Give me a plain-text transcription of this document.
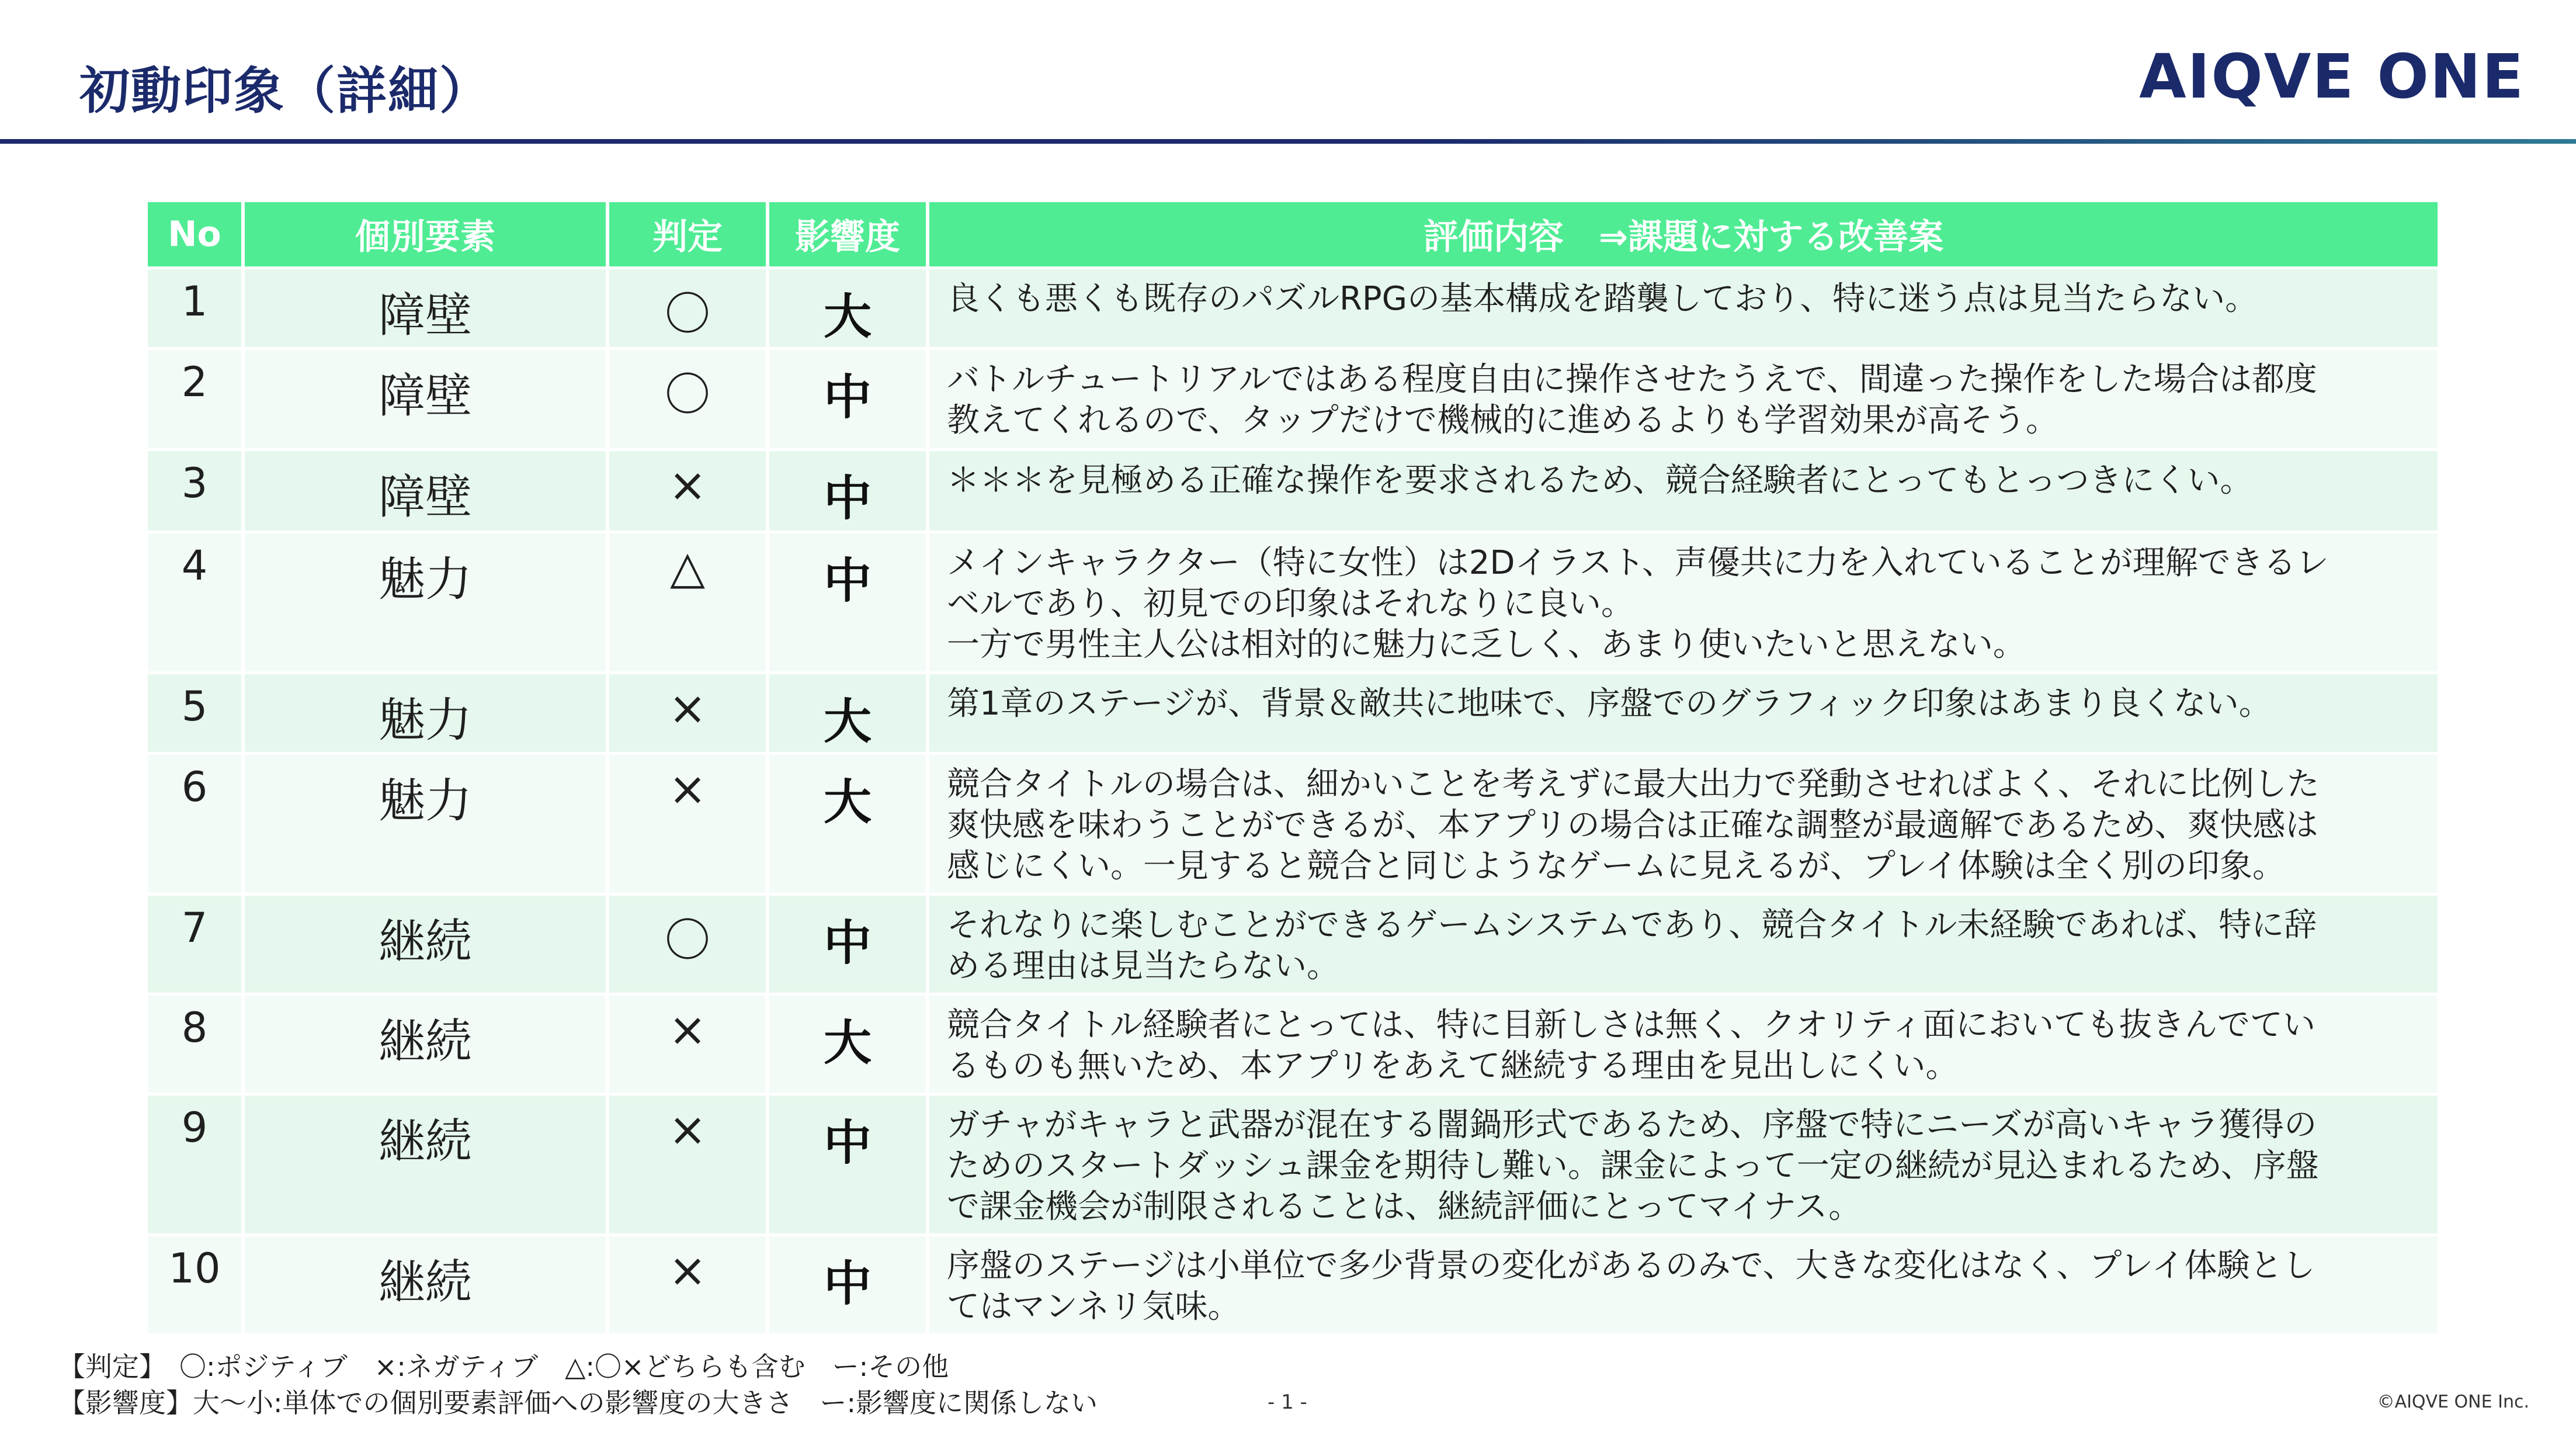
初動印象（詳細）	AIQVE ONE
No	個別要素	判定	影響度	評価内容　⇒課題に対する改善案
1	障壁	〇	大	良くも悪くも既存のパズルRPGの基本構成を踏襲しており、特に迷う点は見当たらない。
2	障壁	〇	中	バトルチュートリアルではある程度自由に操作させたうえで、間違った操作をした場合は都度
教えてくれるので、タップだけで機械的に進めるよりも学習効果が高そう。
3	障壁	×	中	＊＊＊を見極める正確な操作を要求されるため、競合経験者にとってもとっつきにくい。
4	魅力	△	中	メインキャラクター（特に女性）は2Dイラスト、声優共に力を入れていることが理解できるレ
ベルであり、初見での印象はそれなりに良い。
一方で男性主人公は相対的に魅力に乏しく、あまり使いたいと思えない。
5	魅力	×	大	第1章のステージが、背景＆敵共に地味で、序盤でのグラフィック印象はあまり良くない。
6	魅力	×	大	競合タイトルの場合は、細かいことを考えずに最大出力で発動させればよく、それに比例した
爽快感を味わうことができるが、本アプリの場合は正確な調整が最適解であるため、爽快感は
感じにくい。一見すると競合と同じようなゲームに見えるが、プレイ体験は全く別の印象。
7	継続	〇	中	それなりに楽しむことができるゲームシステムであり、競合タイトル未経験であれば、特に辞
める理由は見当たらない。
8	継続	×	大	競合タイトル経験者にとっては、特に目新しさは無く、クオリティ面においても抜きんでてい
るものも無いため、本アプリをあえて継続する理由を見出しにくい。
9	継続	×	中	ガチャがキャラと武器が混在する闇鍋形式であるため、序盤で特にニーズが高いキャラ獲得の
ためのスタートダッシュ課金を期待し難い。課金によって一定の継続が見込まれるため、序盤
で課金機会が制限されることは、継続評価にとってマイナス。
10	継続	×	中	序盤のステージは小単位で多少背景の変化があるのみで、大きな変化はなく、プレイ体験とし
てはマンネリ気味。
【判定】　〇:ポジティブ　×:ネガティブ　△:〇×どちらも含む　ー:その他
【影響度】大～小:単体での個別要素評価への影響度の大きさ　ー:影響度に関係しない	- 1 -	©AIQVE ONE Inc.
